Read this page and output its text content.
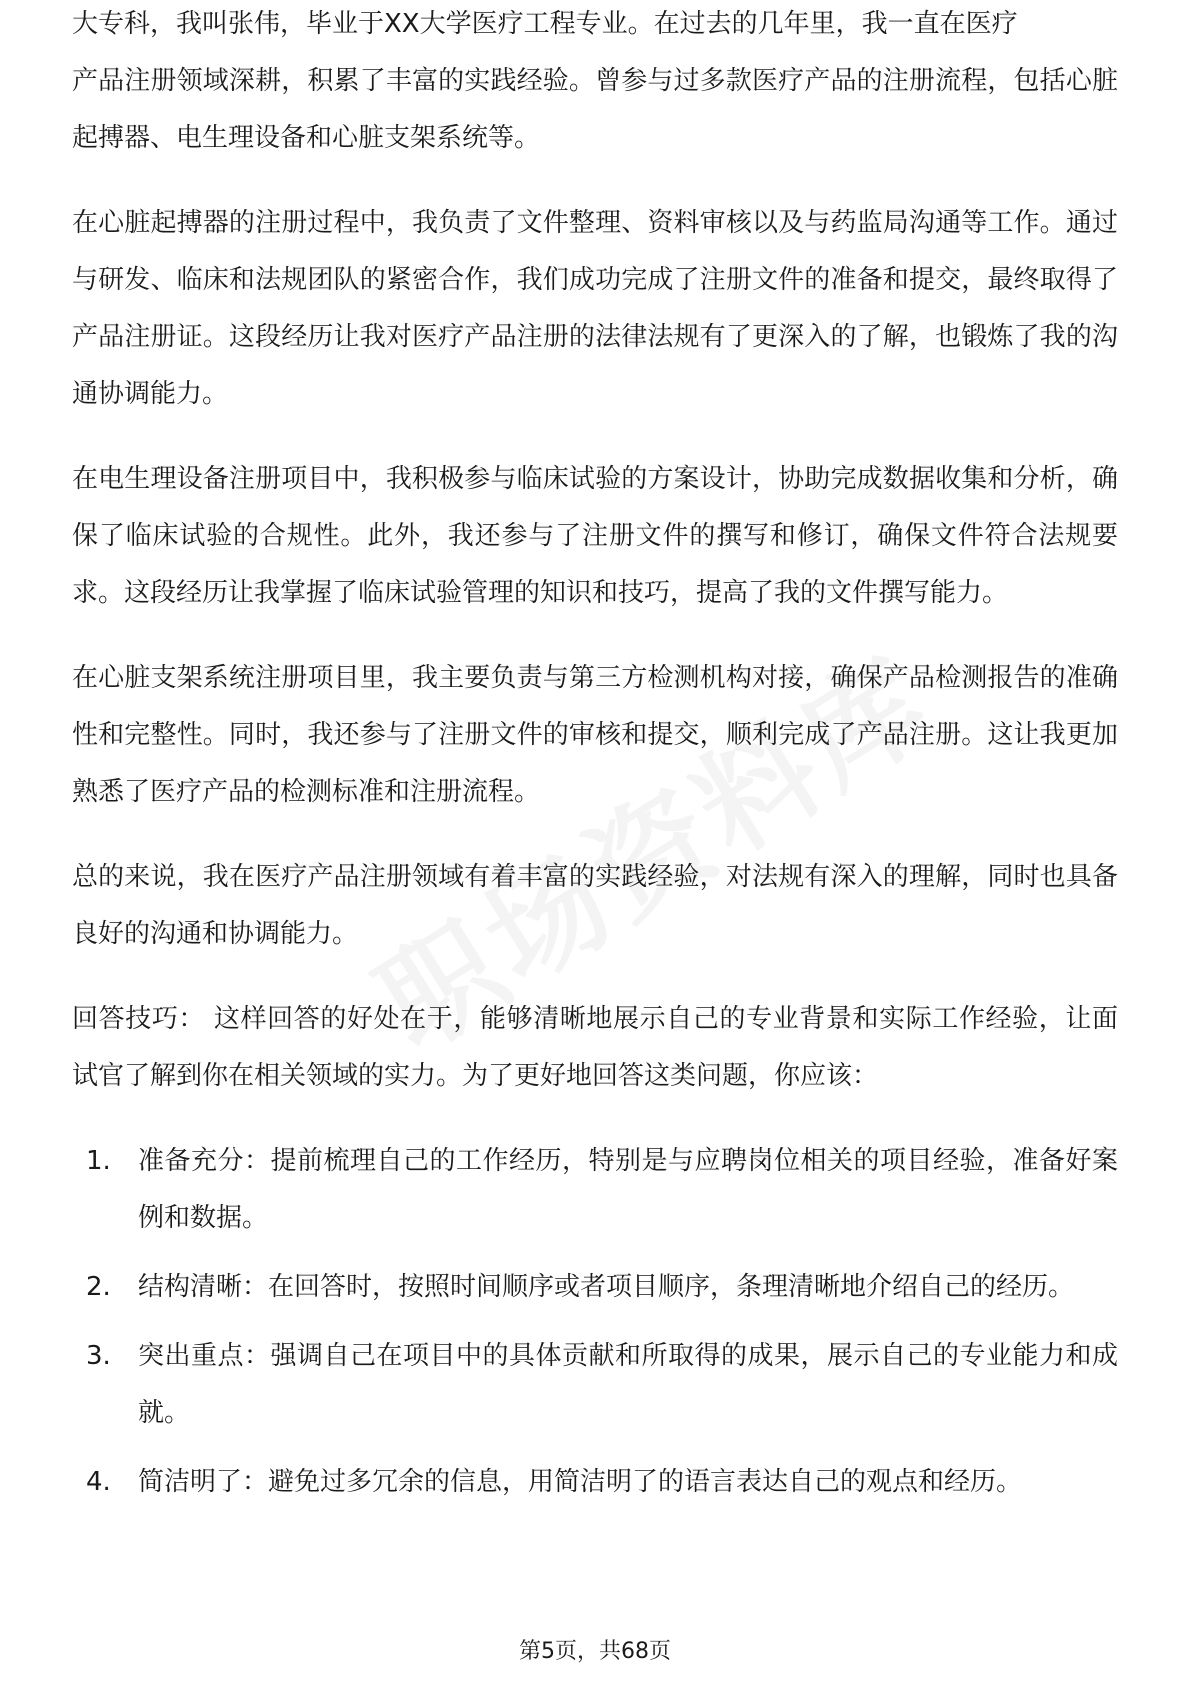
大专科，我叫张伟，毕业于XX大学医疗工程专业。在过去的几年里，我一直在医疗

产品注册领域深耕，积累了丰富的实践经验。曾参与过多款医疗产品的注册流程，包括心脏起搏器、电生理设备和心脏支架系统等。

在心脏起搏器的注册过程中，我负责了文件整理、资料审核以及与药监局沟通等工作。通过与研发、临床和法规团队的紧密合作，我们成功完成了注册文件的准备和提交，最终取得了产品注册证。这段经历让我对医疗产品注册的法律法规有了更深入的了解，也锻炼了我的沟通协调能力。

在电生理设备注册项目中，我积极参与临床试验的方案设计，协助完成数据收集和分析，确保了临床试验的合规性。此外，我还参与了注册文件的撰写和修订，确保文件符合法规要求。这段经历让我掌握了临床试验管理的知识和技巧，提高了我的文件撰写能力。

在心脏支架系统注册项目里，我主要负责与第三方检测机构对接，确保产品检测报告的准确性和完整性。同时，我还参与了注册文件的审核和提交，顺利完成了产品注册。这让我更加熟悉了医疗产品的检测标准和注册流程。

总的来说，我在医疗产品注册领域有着丰富的实践经验，对法规有深入的理解，同时也具备良好的沟通和协调能力。

回答技巧： 这样回答的好处在于，能够清晰地展示自己的专业背景和实际工作经验，让面试官了解到你在相关领域的实力。为了更好地回答这类问题，你应该：

1.	准备充分：提前梳理自己的工作经历，特别是与应聘岗位相关的项目经验，准备好案例和数据。
2.	结构清晰：在回答时，按照时间顺序或者项目顺序，条理清晰地介绍自己的经历。
3.	突出重点：强调自己在项目中的具体贡献和所取得的成果，展示自己的专业能力和成就。
4.	简洁明了：避免过多冗余的信息，用简洁明了的语言表达自己的观点和经历。
第5页，共68页
